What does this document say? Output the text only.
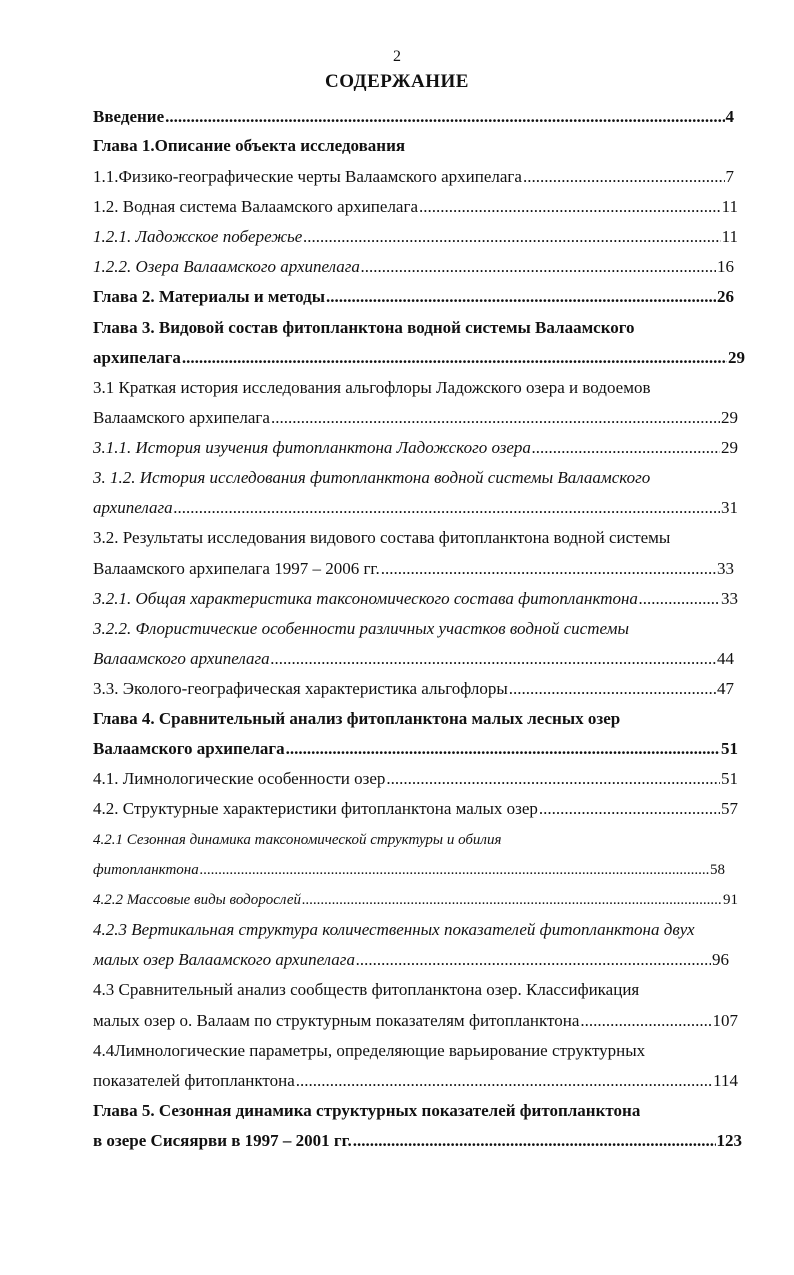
2
СОДЕРЖАНИЕ
Введение .....	4
Глава 1.Описание объекта исследования
1.1.Физико-географические черты Валаамского архипелага .....	7
1.2. Водная система Валаамского архипелага .....	11
1.2.1. Ладожское побережье .....	11
1.2.2. Озера Валаамского архипелага .....	16
Глава 2. Материалы и методы .....	26
Глава 3. Видовой состав фитопланктона водной системы Валаамского
архипелага .....	29
3.1 Краткая история исследования альгофлоры Ладожского озера и водоемов
Валаамского архипелага .....	29
3.1.1. История изучения фитопланктона Ладожского озера .....	29
3. 1.2. История исследования фитопланктона водной системы Валаамского
архипелага .....	31
3.2. Результаты исследования видового состава фитопланктона водной системы
Валаамского архипелага 1997 – 2006 гг. .....	33
3.2.1. Общая характеристика таксономического состава фитопланктона .....	33
3.2.2. Флористические особенности различных участков водной системы
Валаамского архипелага .....	44
3.3. Эколого-географическая характеристика альгофлоры .....	47
Глава 4. Сравнительный анализ фитопланктона малых лесных озер
Валаамского архипелага .....	51
4.1. Лимнологические особенности озер .....	51
4.2. Структурные характеристики фитопланктона малых озер .....	57
4.2.1 Сезонная динамика таксономической структуры и обилия
фитопланктона .....	58
4.2.2 Массовые виды водорослей .....	91
4.2.3 Вертикальная структура количественных показателей фитопланктона двух
малых озер Валаамского архипелага .....	96
4.3 Сравнительный анализ сообществ фитопланктона озер. Классификация
малых озер о. Валаам по структурным показателям фитопланктона .....	107
4.4Лимнологические параметры, определяющие варьирование структурных
показателей фитопланктона .....	114
Глава 5. Сезонная динамика структурных показателей фитопланктона
в озере Сисяярви в 1997 – 2001 гг. .....	123
